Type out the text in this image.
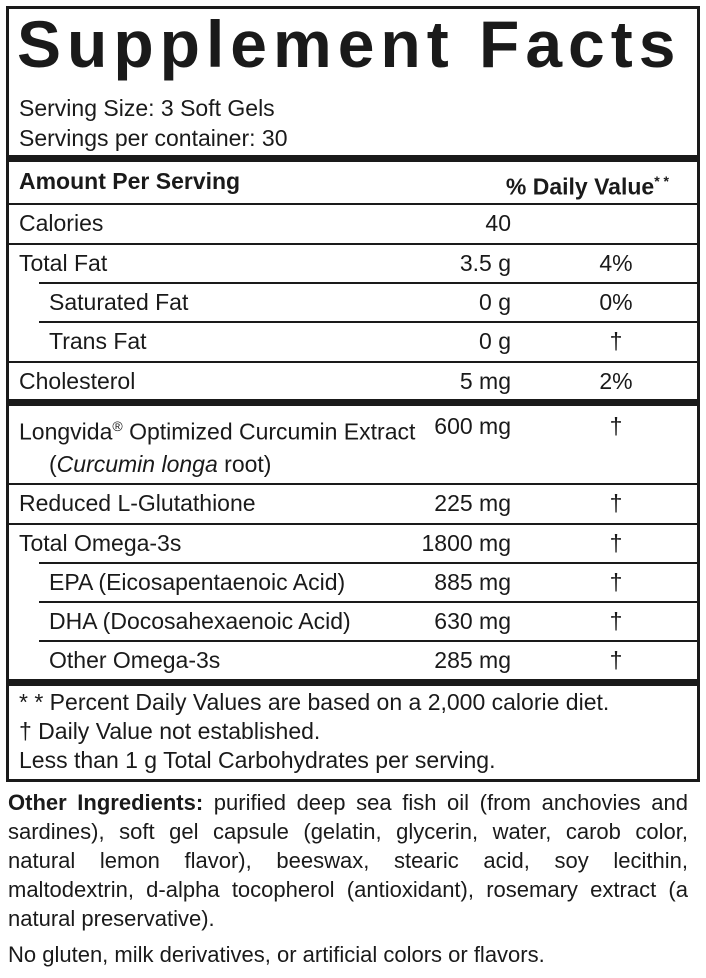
Supplement Facts
Serving Size: 3 Soft Gels
Servings per container: 30
Amount Per Serving	% Daily Value* *
Calories	40
Total Fat	3.5 g	4%
Saturated Fat	0 g	0%
Trans Fat	0 g	†
Cholesterol	5 mg	2%
Longvida® Optimized Curcumin Extract 600 mg	†
(Curcumin longa root)
Reduced L-Glutathione	225 mg	†
Total Omega-3s	1800 mg	†
EPA (Eicosapentaenoic Acid)	885 mg	†
DHA (Docosahexaenoic Acid)	630 mg	†
Other Omega-3s	285 mg	†
* * Percent Daily Values are based on a 2,000 calorie diet.
† Daily Value not established.
Less than 1 g Total Carbohydrates per serving.
Other Ingredients: purified deep sea fish oil (from anchovies and sardines), soft gel capsule (gelatin, glycerin, water, carob color, natural lemon flavor), beeswax, stearic acid, soy lecithin, maltodextrin, d-alpha tocopherol (antioxidant), rosemary extract (a natural preservative).
No gluten, milk derivatives, or artificial colors or flavors.
